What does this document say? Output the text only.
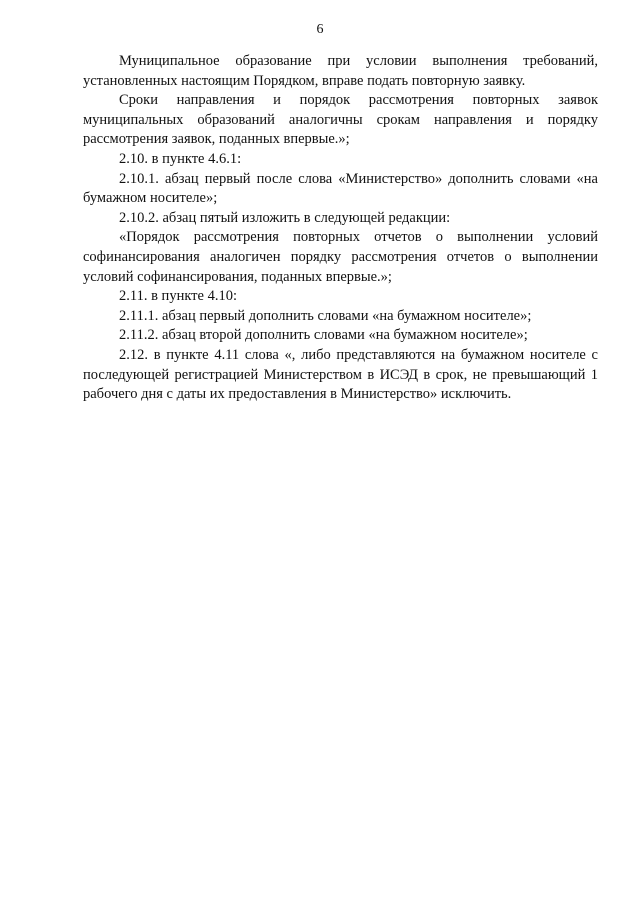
6

Муниципальное образование при условии выполнения требований, установленных настоящим Порядком, вправе подать повторную заявку.

Сроки направления и порядок рассмотрения повторных заявок муниципальных образований аналогичны срокам направления и порядку рассмотрения заявок, поданных впервые.»;

2.10. в пункте 4.6.1:

2.10.1. абзац первый после слова «Министерство» дополнить словами «на бумажном носителе»;

2.10.2. абзац пятый изложить в следующей редакции:

«Порядок рассмотрения повторных отчетов о выполнении условий софинансирования аналогичен порядку рассмотрения отчетов о выполнении условий софинансирования, поданных впервые.»;

2.11. в пункте 4.10:

2.11.1. абзац первый дополнить словами «на бумажном носителе»;

2.11.2. абзац второй дополнить словами «на бумажном носителе»;

2.12. в пункте 4.11 слова «, либо представляются на бумажном носителе с последующей регистрацией Министерством в ИСЭД в срок, не превышающий 1 рабочего дня с даты их предоставления в Министерство» исключить.
